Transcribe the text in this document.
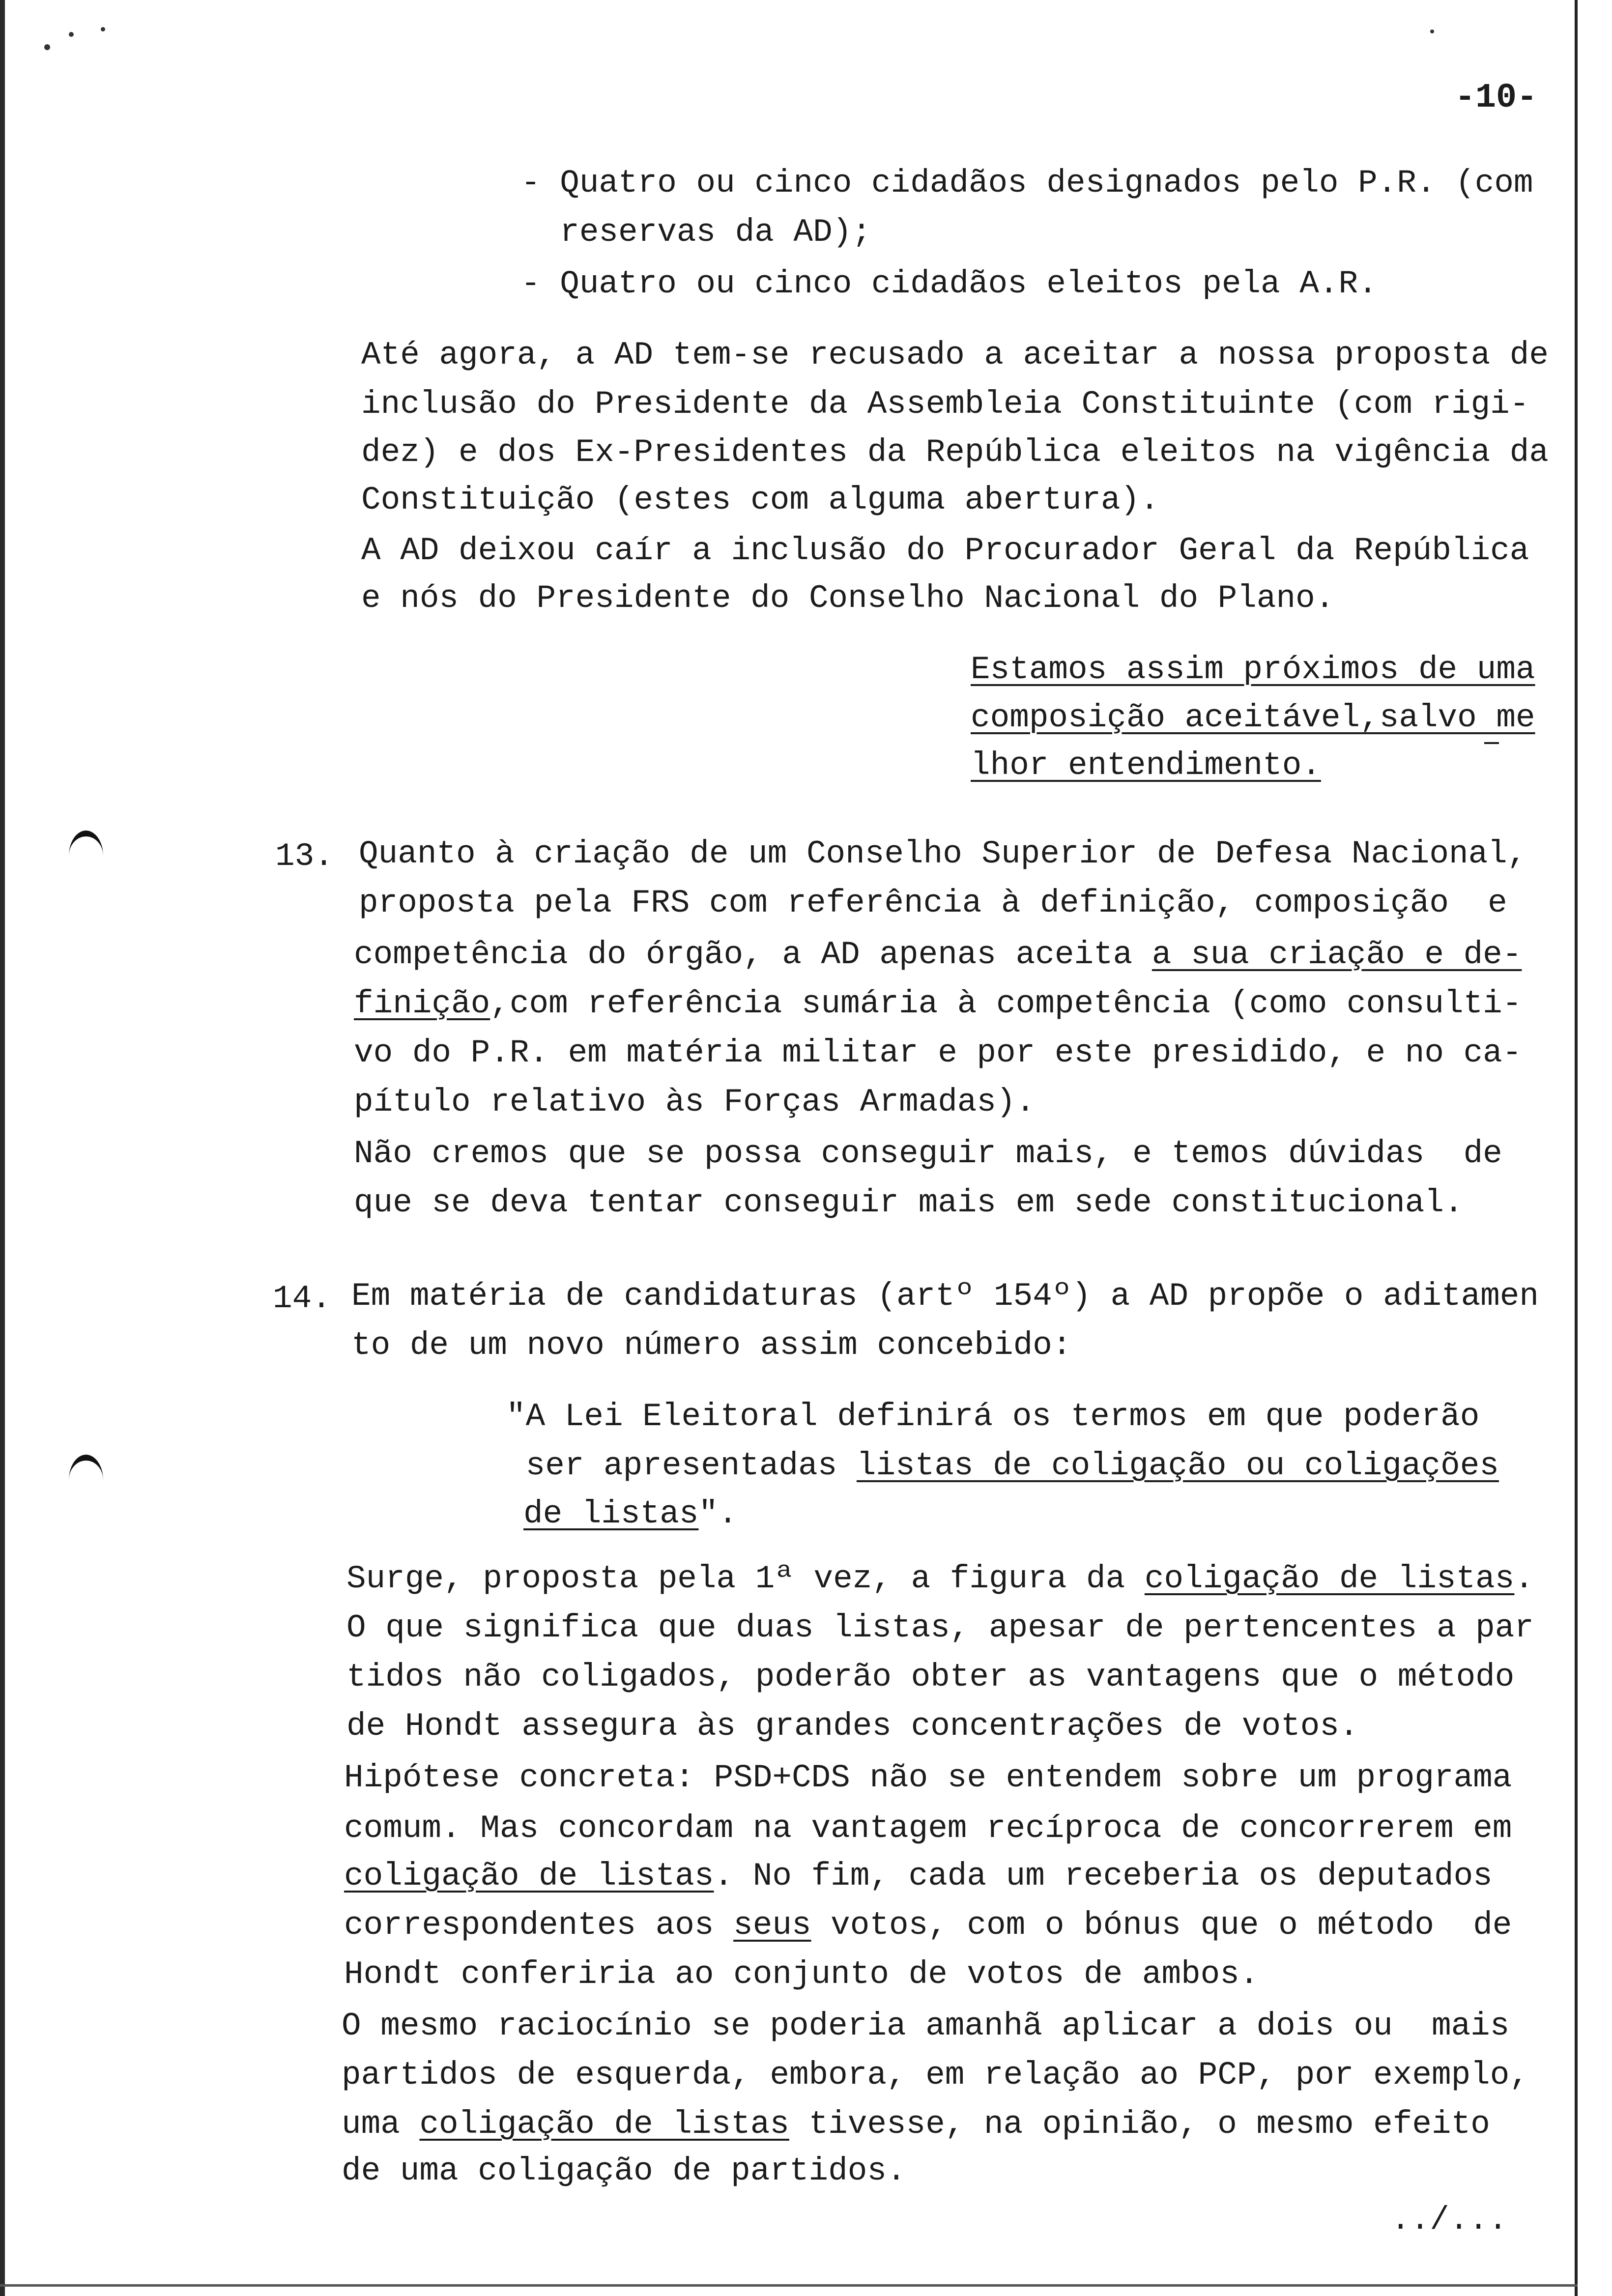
-10-
- Quatro ou cinco cidadãos designados pelo P.R. (com
reservas da AD);
- Quatro ou cinco cidadãos eleitos pela A.R.
Até agora, a AD tem-se recusado a aceitar a nossa proposta de
inclusão do Presidente da Assembleia Constituinte (com rigi-
dez) e dos Ex-Presidentes da República eleitos na vigência da
Constituição (estes com alguma abertura).
A AD deixou caír a inclusão do Procurador Geral da República
e nós do Presidente do Conselho Nacional do Plano.
Estamos assim próximos de uma
composição aceitável,salvo me
lhor entendimento.
13. Quanto à criação de um Conselho Superior de Defesa Nacional,
proposta pela FRS com referência à definição, composição  e
competência do órgão, a AD apenas aceita a sua criação e de-
finição,com referência sumária à competência (como consulti-
vo do P.R. em matéria militar e por este presidido, e no ca-
pítulo relativo às Forças Armadas).
Não cremos que se possa conseguir mais, e temos dúvidas  de
que se deva tentar conseguir mais em sede constitucional.
14. Em matéria de candidaturas (artº 154º) a AD propõe o aditamen
to de um novo número assim concebido:
"A Lei Eleitoral definirá os termos em que poderão
ser apresentadas listas de coligação ou coligações
de listas".
Surge, proposta pela 1ª vez, a figura da coligação de listas.
O que significa que duas listas, apesar de pertencentes a par
tidos não coligados, poderão obter as vantagens que o método
de Hondt assegura às grandes concentrações de votos.
Hipótese concreta: PSD+CDS não se entendem sobre um programa
comum. Mas concordam na vantagem recíproca de concorrerem em
coligação de listas. No fim, cada um receberia os deputados
correspondentes aos seus votos, com o bónus que o método  de
Hondt conferiria ao conjunto de votos de ambos.
O mesmo raciocínio se poderia amanhã aplicar a dois ou  mais
partidos de esquerda, embora, em relação ao PCP, por exemplo,
uma coligação de listas tivesse, na opinião, o mesmo efeito
de uma coligação de partidos.
../...
